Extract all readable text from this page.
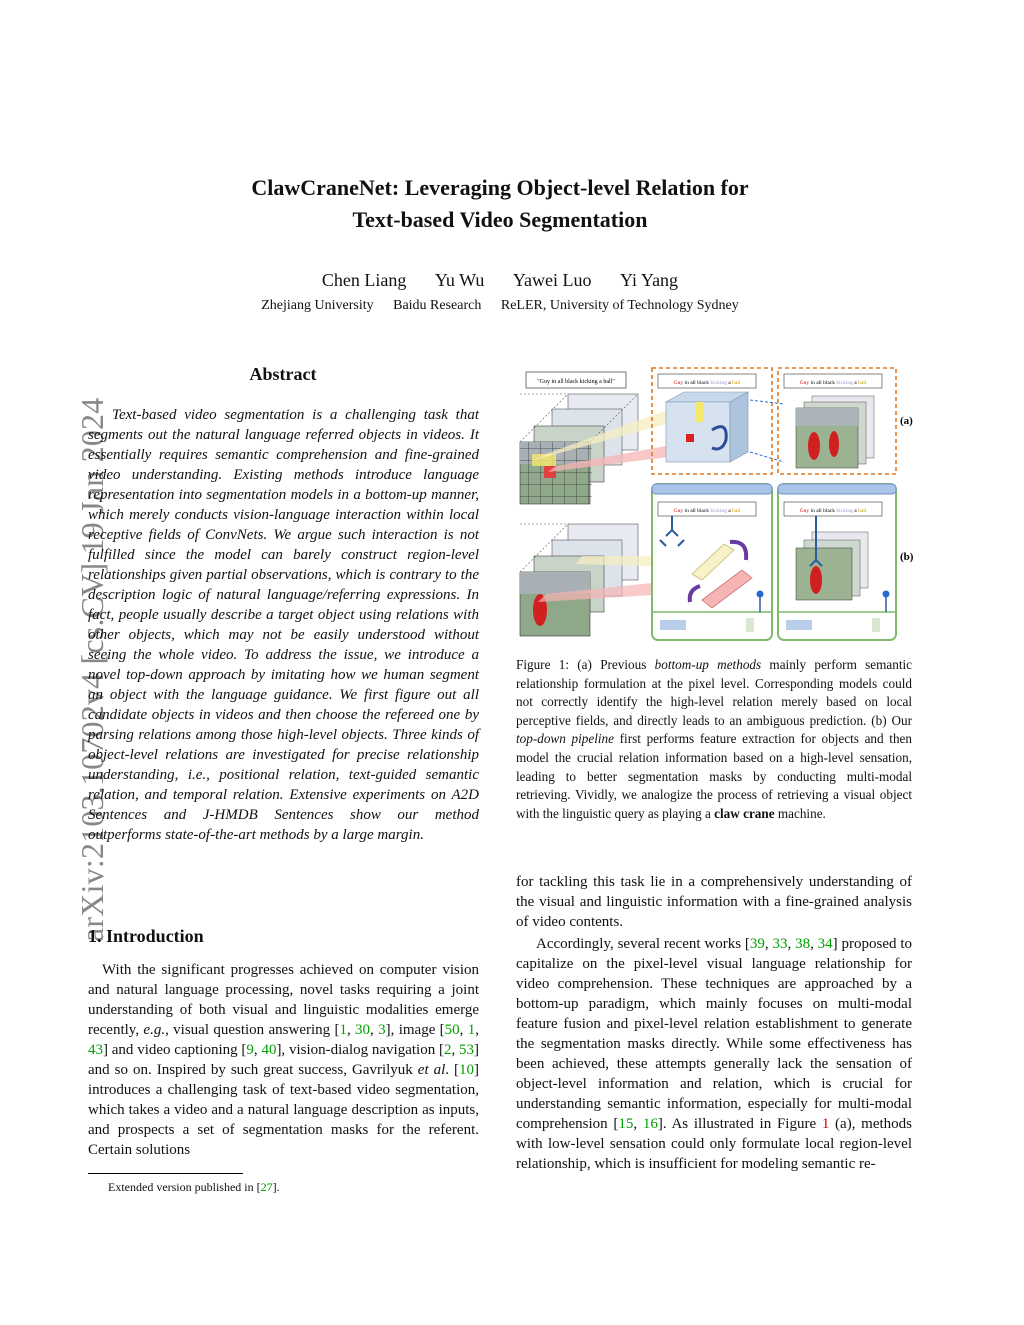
ClawCraneNet: Leveraging Object-level Relation for
Text-based Video Segmentation
Chen Liang Yu Wu Yawei Luo Yi Yang
Zhejiang University Baidu Research ReLER, University of Technology Sydney
arXiv:2103.10702v4 [cs.CV] 19 Jan 2024
Abstract
Text-based video segmentation is a challenging task that segments out the natural language referred objects in videos. It essentially requires semantic comprehension and fine-grained video understanding. Existing methods introduce language representation into segmentation models in a bottom-up manner, which merely conducts vision-language interaction within local receptive fields of ConvNets. We argue such interaction is not fulfilled since the model can barely construct region-level relationships given partial observations, which is contrary to the description logic of natural language/referring expressions. In fact, people usually describe a target object using relations with other objects, which may not be easily understood without seeing the whole video. To address the issue, we introduce a novel top-down approach by imitating how we human segment an object with the language guidance. We first figure out all candidate objects in videos and then choose the refereed one by parsing relations among those high-level objects. Three kinds of object-level relations are investigated for precise relationship understanding, i.e., positional relation, text-guided semantic relation, and temporal relation. Extensive experiments on A2D Sentences and J-HMDB Sentences show our method outperforms state-of-the-art methods by a large margin.
1. Introduction
With the significant progresses achieved on computer vision and natural language processing, novel tasks requiring a joint understanding of both visual and linguistic modalities emerge recently, e.g., visual question answering [1, 30, 3], image [50, 1, 43] and video captioning [9, 40], vision-dialog navigation [2, 53] and so on. Inspired by such great success, Gavrilyuk et al. [10] introduces a challenging task of text-based video segmentation, which takes a video and a natural language description as inputs, and prospects a set of segmentation masks for the referent. Certain solutions
Extended version published in [27].
"Guy in all black kicking a ball"	Guy in all black kicking a ball	Guy in all black kicking a ball
(a)
Guy in all black kicking a ball	Guy in all black kicking a ball
(b)
Figure 1: (a) Previous bottom-up methods mainly perform semantic relationship formulation at the pixel level. Corresponding models could not correctly identify the high-level relation merely based on local perceptive fields, and directly leads to an ambiguous prediction. (b) Our top-down pipeline first performs feature extraction for objects and then model the crucial relation information based on a high-level sensation, leading to better segmentation masks by conducting multi-modal retrieving. Vividly, we analogize the process of retrieving a visual object with the linguistic query as playing a claw crane machine.

for tackling this task lie in a comprehensively understanding of the visual and linguistic information with a fine-grained analysis of video contents.

Accordingly, several recent works [39, 33, 38, 34] proposed to capitalize on the pixel-level visual language relationship for video comprehension. These techniques are approached by a bottom-up paradigm, which mainly focuses on multi-modal feature fusion and pixel-level relation establishment to generate the segmentation masks directly. While some effectiveness has been achieved, these attempts generally lack the sensation of object-level information and relation, which is crucial for understanding semantic information, especially for multi-modal comprehension [15, 16]. As illustrated in Figure 1 (a), methods with low-level sensation could only formulate local region-level relationship, which is insufficient for modeling semantic re-
